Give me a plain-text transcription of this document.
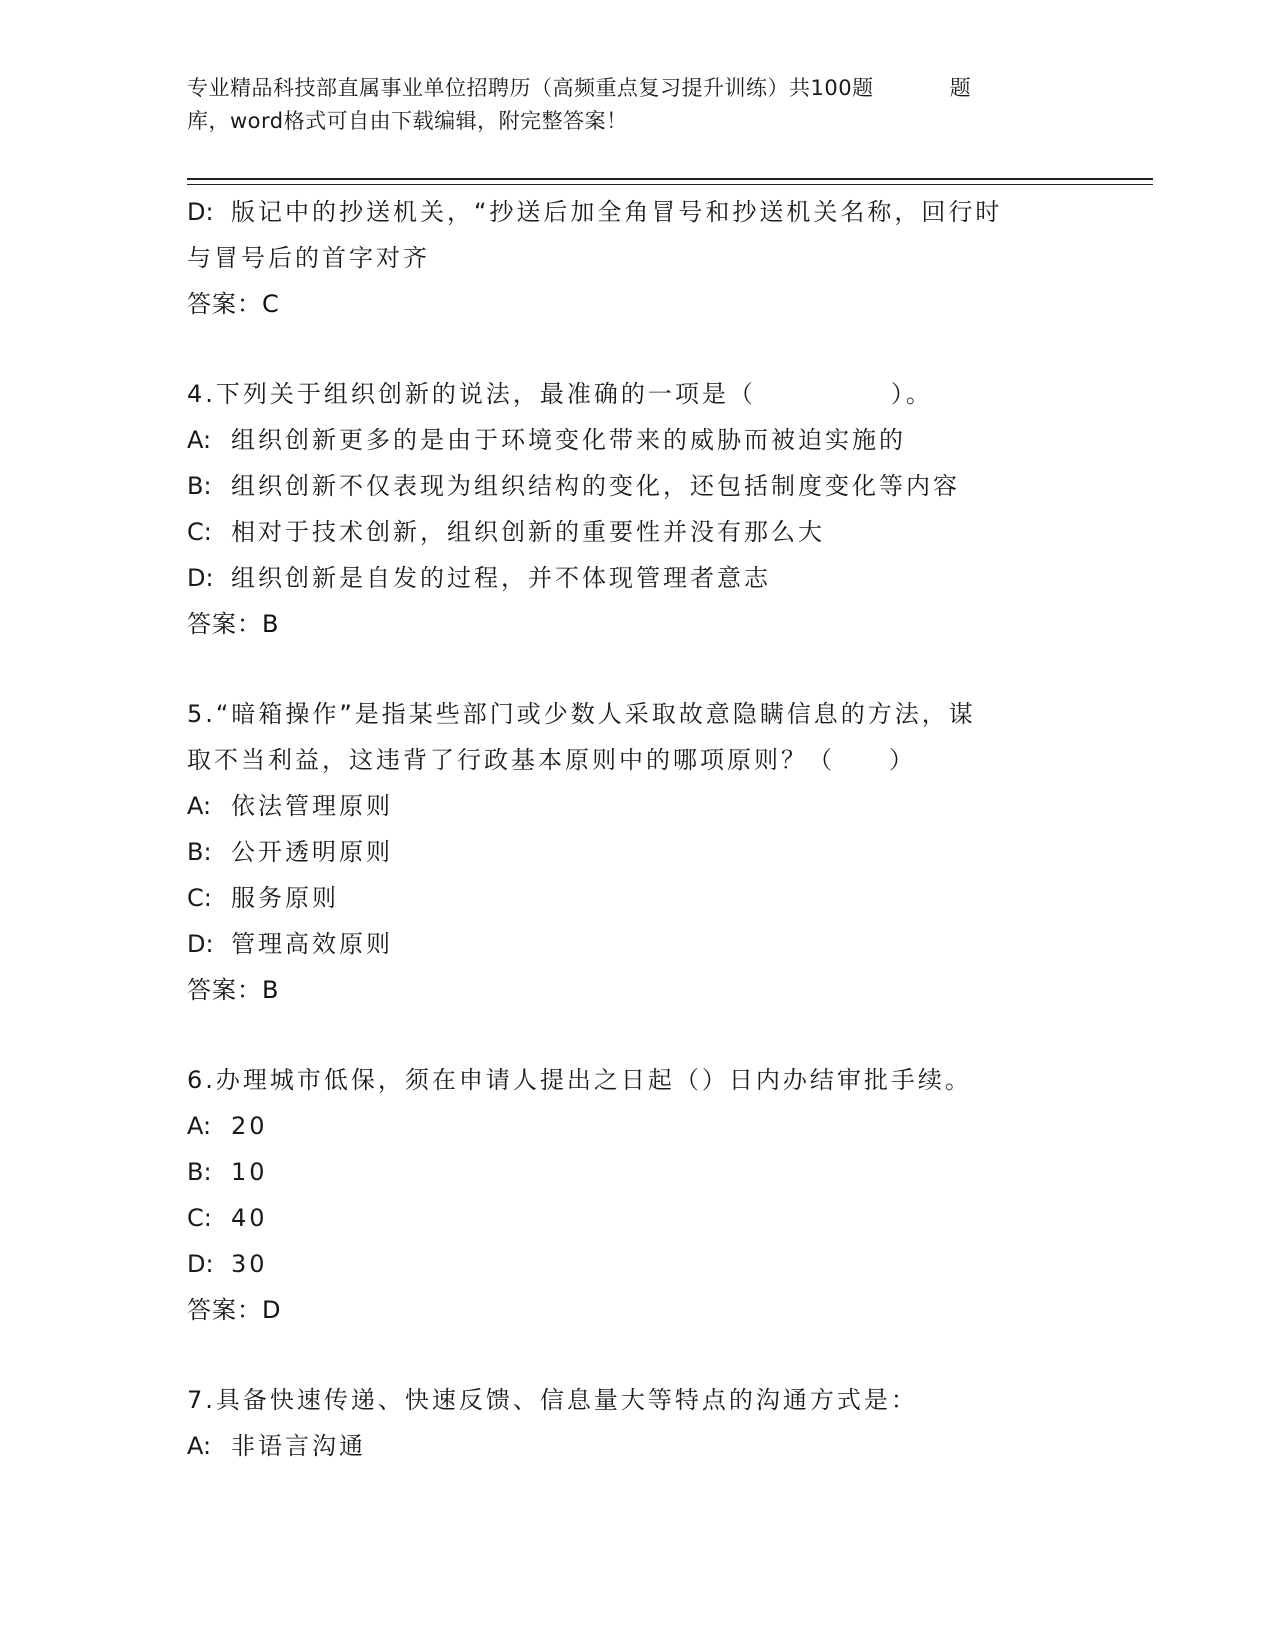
专业精品科技部直属事业单位招聘历（高频重点复习提升训练）共100题	题
库，word格式可自由下载编辑，附完整答案！
D: 版记中的抄送机关，“抄送后加全角冒号和抄送机关名称，回行时
与冒号后的首字对齐
答案：C
4.下列关于组织创新的说法，最准确的一项是（　　　　　）。
A: 组织创新更多的是由于环境变化带来的威胁而被迫实施的
B: 组织创新不仅表现为组织结构的变化，还包括制度变化等内容
C: 相对于技术创新，组织创新的重要性并没有那么大
D: 组织创新是自发的过程，并不体现管理者意志
答案：B
5.“暗箱操作”是指某些部门或少数人采取故意隐瞒信息的方法，谋
取不当利益，这违背了行政基本原则中的哪项原则？（　　）
A: 依法管理原则
B: 公开透明原则
C: 服务原则
D: 管理高效原则
答案：B
6.办理城市低保，须在申请人提出之日起（）日内办结审批手续。
A: 20
B: 10
C: 40
D: 30
答案：D
7.具备快速传递、快速反馈、信息量大等特点的沟通方式是：
A: 非语言沟通
